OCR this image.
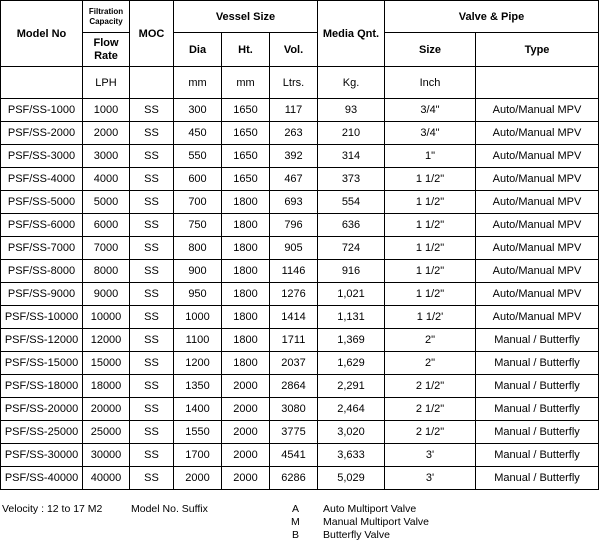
Model No	Filtration Capacity	MOC	Vessel Size			Media Qnt.	Valve & Pipe	
	Flow Rate		Dia	Ht.	Vol.		Size	Type
	LPH		mm	mm	Ltrs.	Kg.	Inch	
PSF/SS-1000	1000	SS	300	1650	117	93	3/4"	Auto/Manual MPV
PSF/SS-2000	2000	SS	450	1650	263	210	3/4"	Auto/Manual MPV
PSF/SS-3000	3000	SS	550	1650	392	314	1"	Auto/Manual MPV
PSF/SS-4000	4000	SS	600	1650	467	373	1 1/2"	Auto/Manual MPV
PSF/SS-5000	5000	SS	700	1800	693	554	1 1/2"	Auto/Manual MPV
PSF/SS-6000	6000	SS	750	1800	796	636	1 1/2"	Auto/Manual MPV
PSF/SS-7000	7000	SS	800	1800	905	724	1 1/2"	Auto/Manual MPV
PSF/SS-8000	8000	SS	900	1800	1146	916	1 1/2"	Auto/Manual MPV
PSF/SS-9000	9000	SS	950	1800	1276	1,021	1 1/2"	Auto/Manual MPV
PSF/SS-10000	10000	SS	1000	1800	1414	1,131	1 1/2'	Auto/Manual MPV
PSF/SS-12000	12000	SS	1100	1800	1711	1,369	2"	Manual / Butterfly
PSF/SS-15000	15000	SS	1200	1800	2037	1,629	2"	Manual / Butterfly
PSF/SS-18000	18000	SS	1350	2000	2864	2,291	2 1/2"	Manual / Butterfly
PSF/SS-20000	20000	SS	1400	2000	3080	2,464	2 1/2"	Manual / Butterfly
PSF/SS-25000	25000	SS	1550	2000	3775	3,020	2 1/2"	Manual / Butterfly
PSF/SS-30000	30000	SS	1700	2000	4541	3,633	3'	Manual / Butterfly
PSF/SS-40000	40000	SS	2000	2000	6286	5,029	3'	Manual / Butterfly
Velocity : 12 to 17 M2	Model No. Suffix	A Auto Multiport Valve
M Manual Multiport Valve
B Butterfly Valve
